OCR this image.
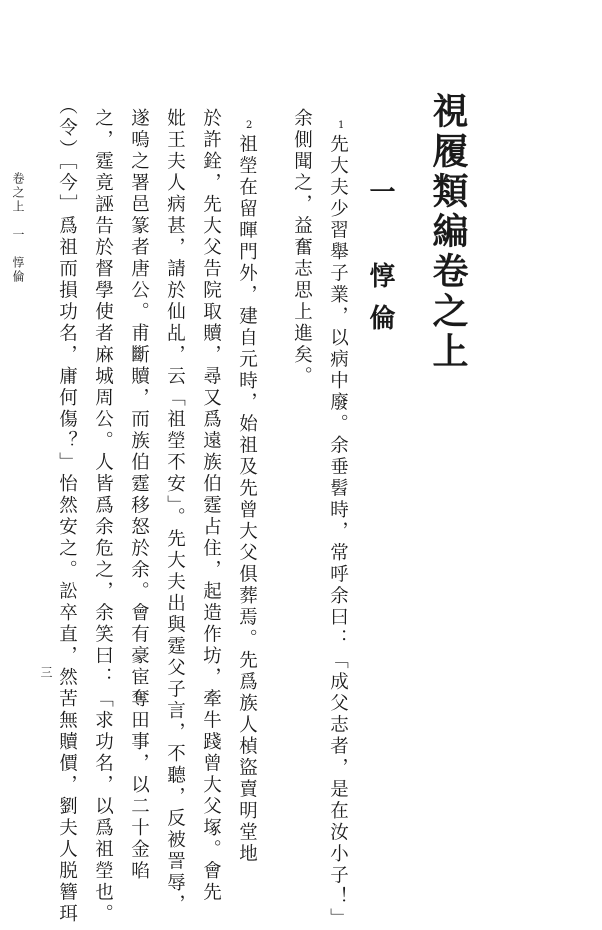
視履類編卷之上
一　惇倫
1
先大夫少習舉子業，以病中廢。余垂髫時，常呼余曰：「成父志者，是在汝小子！」
余側聞之，益奮志思上進矣。
2
祖塋在留暉門外，建自元時，始祖及先曾大父俱葬焉。先爲族人楨盜賣明堂地
於許銓，先大父告院取贖，尋又爲遠族伯霆占住，起造作坊，牽牛踐曾大父塚。會先
妣王夫人病甚，請於仙乩，云「祖塋不安」。先大夫出與霆父子言，不聽，反被詈辱，
遂嗚之署邑篆者唐公。甫斷贖，而族伯霆移怒於余。會有豪宦奪田事，以二十金啗
之，霆竟誣告於督學使者麻城周公。人皆爲余危之，余笑曰：「求功名，以爲祖塋也。
（令）［今］爲祖而損功名，庸何傷？」怡然安之。訟卒直，然苦無贖價，劉夫人脱簪珥
卷之上　一　惇倫
三
